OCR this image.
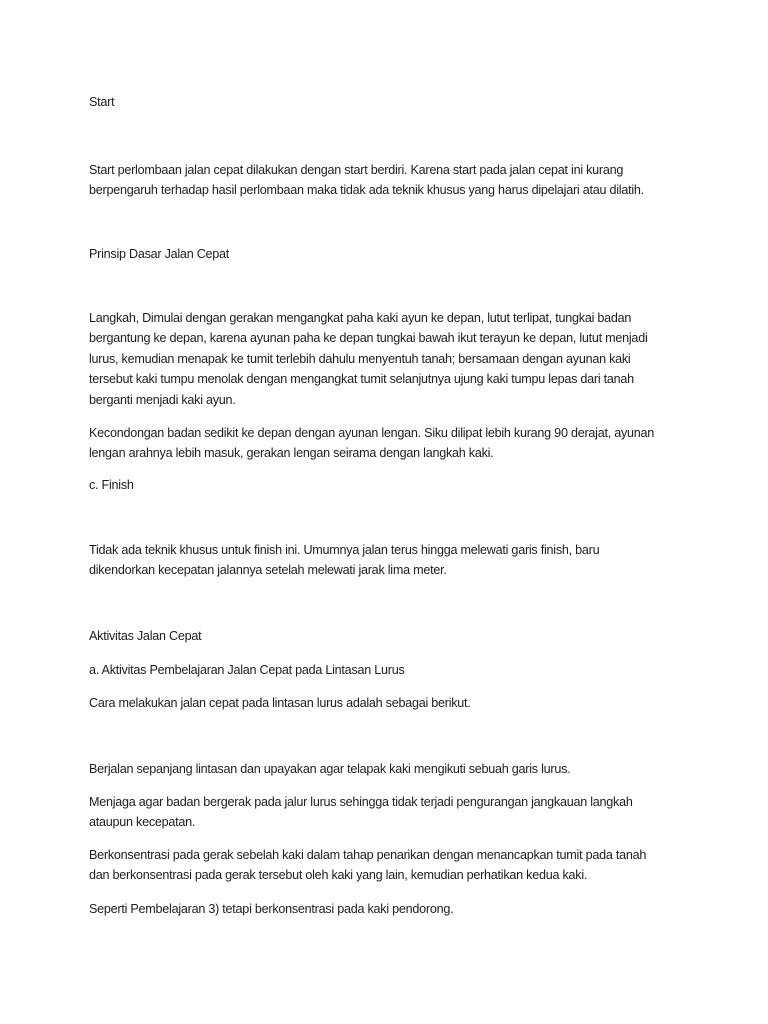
Start
Start perlombaan jalan cepat dilakukan dengan start berdiri. Karena start pada jalan cepat ini kurang
berpengaruh terhadap hasil perlombaan maka tidak ada teknik khusus yang harus dipelajari atau dilatih.
Prinsip Dasar Jalan Cepat
Langkah, Dimulai dengan gerakan mengangkat paha kaki ayun ke depan, lutut terlipat, tungkai badan
bergantung ke depan, karena ayunan paha ke depan tungkai bawah ikut terayun ke depan, lutut menjadi
lurus, kemudian menapak ke tumit terlebih dahulu menyentuh tanah; bersamaan dengan ayunan kaki
tersebut kaki tumpu menolak dengan mengangkat tumit selanjutnya ujung kaki tumpu lepas dari tanah
berganti menjadi kaki ayun.
Kecondongan badan sedikit ke depan dengan ayunan lengan. Siku dilipat lebih kurang 90 derajat, ayunan
lengan arahnya lebih masuk, gerakan lengan seirama dengan langkah kaki.
c. Finish
Tidak ada teknik khusus untuk finish ini. Umumnya jalan terus hingga melewati garis finish, baru
dikendorkan kecepatan jalannya setelah melewati jarak lima meter.
Aktivitas Jalan Cepat
a. Aktivitas Pembelajaran Jalan Cepat pada Lintasan Lurus
Cara melakukan jalan cepat pada lintasan lurus adalah sebagai berikut.
Berjalan sepanjang lintasan dan upayakan agar telapak kaki mengikuti sebuah garis lurus.
Menjaga agar badan bergerak pada jalur lurus sehingga tidak terjadi pengurangan jangkauan langkah
ataupun kecepatan.
Berkonsentrasi pada gerak sebelah kaki dalam tahap penarikan dengan menancapkan tumit pada tanah
dan berkonsentrasi pada gerak tersebut oleh kaki yang lain, kemudian perhatikan kedua kaki.
Seperti Pembelajaran 3) tetapi berkonsentrasi pada kaki pendorong.
